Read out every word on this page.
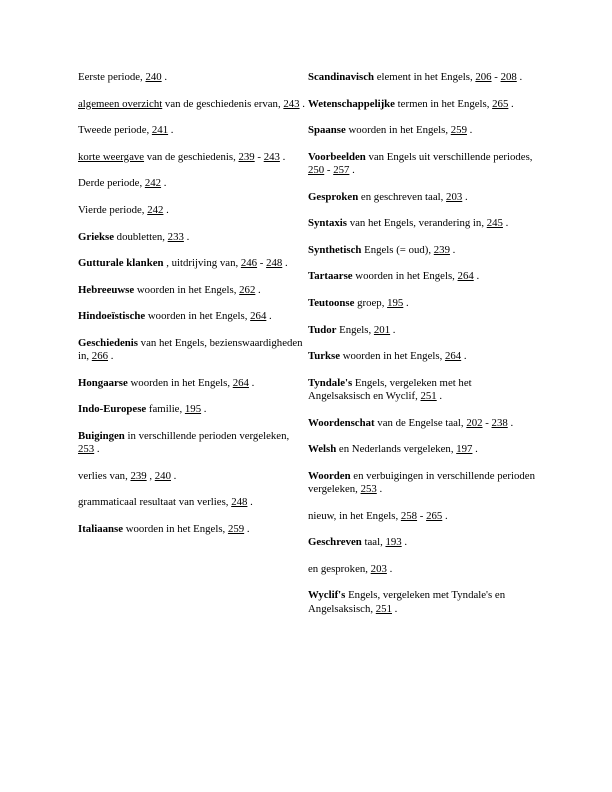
Eerste periode, 240 .
algemeen overzicht van de geschiedenis ervan, 243 .
Tweede periode, 241 .
korte weergave van de geschiedenis, 239 - 243 .
Derde periode, 242 .
Vierde periode, 242 .
Griekse doubletten, 233 .
Gutturale klanken , uitdrijving van, 246 - 248 .
Hebreeuwse woorden in het Engels, 262 .
Hindoeïstische woorden in het Engels, 264 .
Geschiedenis van het Engels, bezienswaardigheden in, 266 .
Hongaarse woorden in het Engels, 264 .
Indo-Europese familie, 195 .
Buigingen in verschillende perioden vergeleken, 253 .
verlies van, 239 , 240 .
grammaticaal resultaat van verlies, 248 .
Italiaanse woorden in het Engels, 259 .
Scandinavisch element in het Engels, 206 - 208 .
Wetenschappelijke termen in het Engels, 265 .
Spaanse woorden in het Engels, 259 .
Voorbeelden van Engels uit verschillende periodes, 250 - 257 .
Gesproken en geschreven taal, 203 .
Syntaxis van het Engels, verandering in, 245 .
Synthetisch Engels (= oud), 239 .
Tartaarse woorden in het Engels, 264 .
Teutoonse groep, 195 .
Tudor Engels, 201 .
Turkse woorden in het Engels, 264 .
Tyndale's Engels, vergeleken met het Angelsaksisch en Wyclif, 251 .
Woordenschat van de Engelse taal, 202 - 238 .
Welsh en Nederlands vergeleken, 197 .
Woorden en verbuigingen in verschillende perioden vergeleken, 253 .
nieuw, in het Engels, 258 - 265 .
Geschreven taal, 193 .
en gesproken, 203 .
Wyclif's Engels, vergeleken met Tyndale's en Angelsaksisch, 251 .
